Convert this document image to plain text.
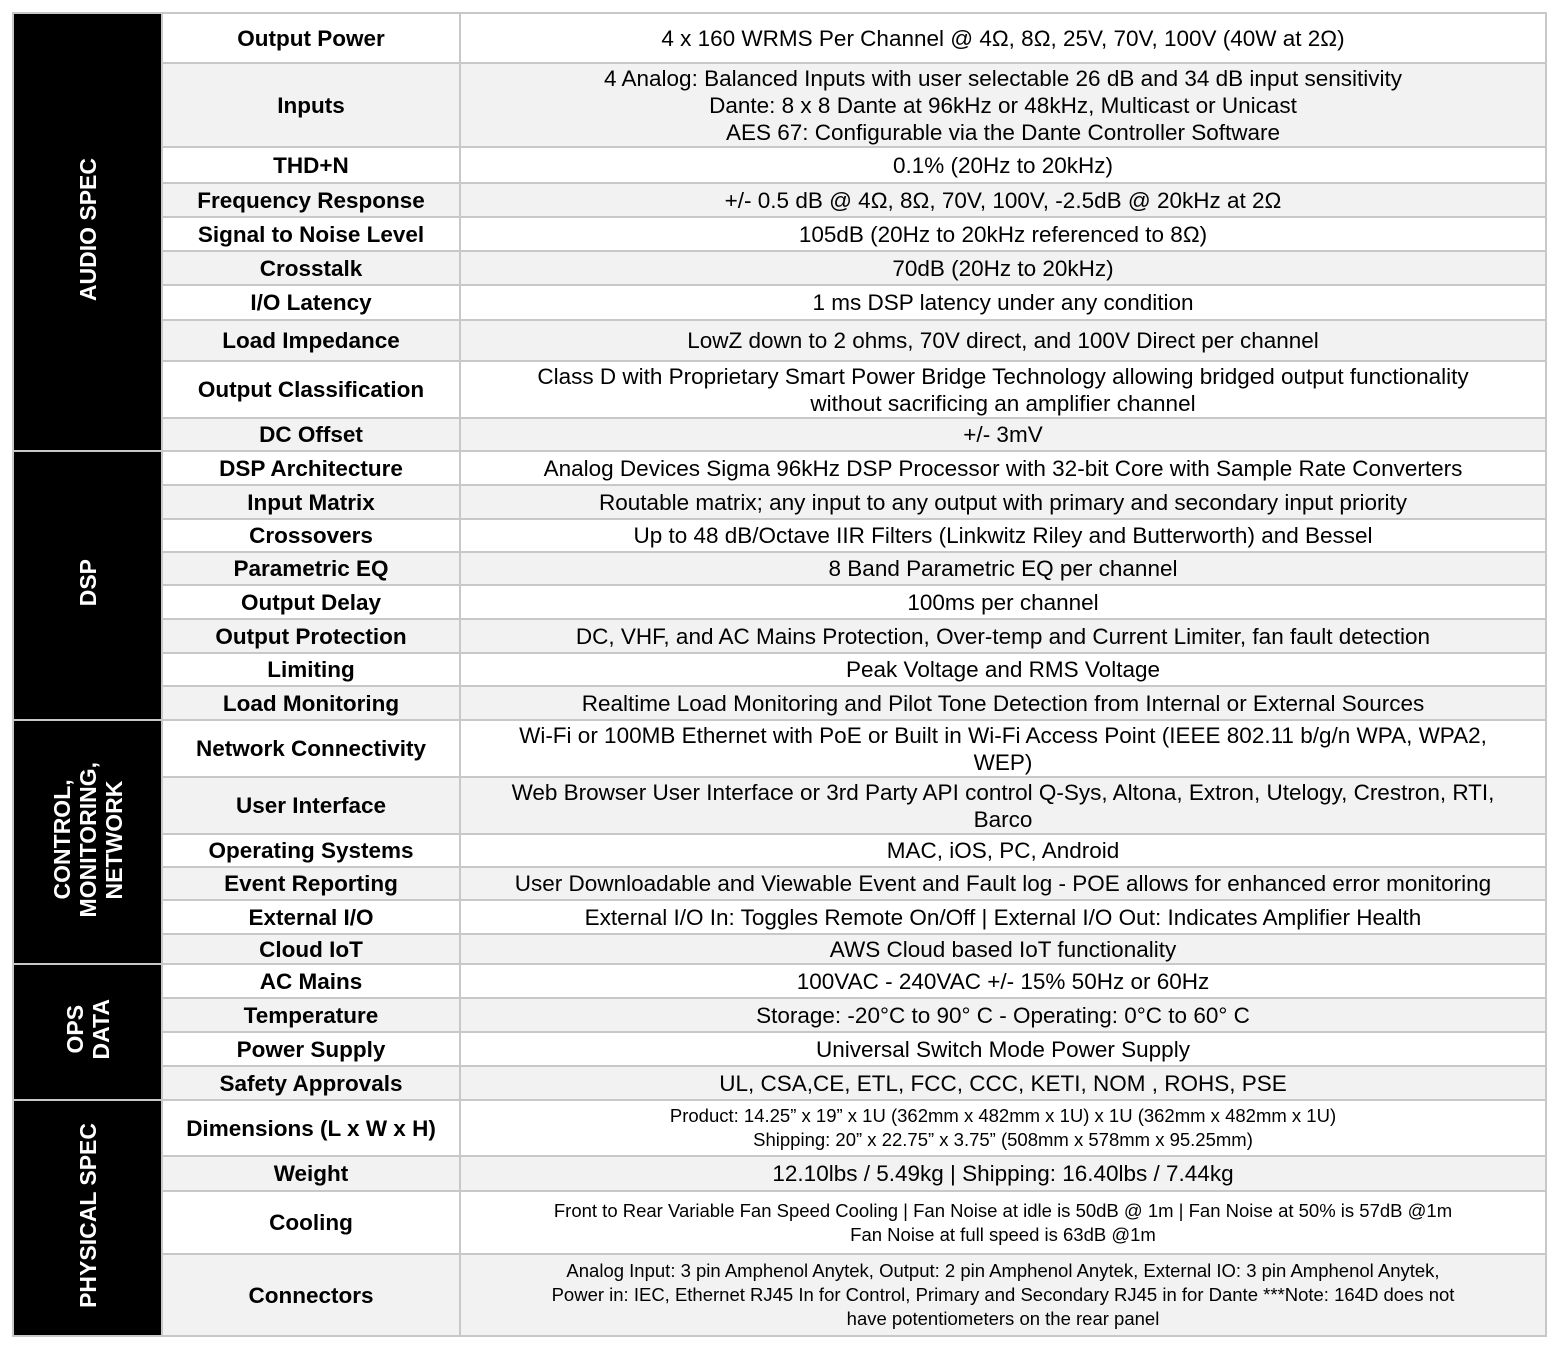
AUDIO SPEC	Output Power	4 x 160 WRMS Per Channel @ 4Ω, 8Ω, 25V, 70V, 100V (40W at 2Ω)
	Inputs	4 Analog: Balanced Inputs with user selectable 26 dB and 34 dB input sensitivity
Dante: 8 x 8 Dante at 96kHz or 48kHz, Multicast or Unicast
AES 67: Configurable via the Dante Controller Software
	THD+N	0.1% (20Hz to 20kHz)
	Frequency Response	+/- 0.5 dB @ 4Ω, 8Ω, 70V, 100V, -2.5dB @ 20kHz at 2Ω
	Signal to Noise Level	105dB (20Hz to 20kHz referenced to 8Ω)
	Crosstalk	70dB (20Hz to 20kHz)
	I/O Latency	1 ms DSP latency under any condition
	Load Impedance	LowZ down to 2 ohms, 70V direct, and 100V Direct per channel
	Output Classification	Class D with Proprietary Smart Power Bridge Technology allowing bridged output functionality
without sacrificing an amplifier channel
	DC Offset	+/- 3mV
DSP	DSP Architecture	Analog Devices Sigma 96kHz DSP Processor with 32-bit Core with Sample Rate Converters
	Input Matrix	Routable matrix; any input to any output with primary and secondary input priority
	Crossovers	Up to 48 dB/Octave IIR Filters (Linkwitz Riley and Butterworth) and Bessel
	Parametric EQ	8 Band Parametric EQ per channel
	Output Delay	100ms per channel
	Output Protection	DC, VHF, and AC Mains Protection, Over-temp and Current Limiter, fan fault detection
	Limiting	Peak Voltage and RMS Voltage
	Load Monitoring	Realtime Load Monitoring and Pilot Tone Detection from Internal or External Sources
CONTROL,
MONITORING,
NETWORK	Network Connectivity	Wi-Fi or 100MB Ethernet with PoE or Built in Wi-Fi Access Point (IEEE 802.11 b/g/n WPA, WPA2,
WEP)
	User Interface	Web Browser User Interface or 3rd Party API control Q-Sys, Altona, Extron, Utelogy, Crestron, RTI,
Barco
	Operating Systems	MAC, iOS, PC, Android
	Event Reporting	User Downloadable and Viewable Event and Fault log - POE allows for enhanced error monitoring
	External I/O	External I/O In: Toggles Remote On/Off | External I/O Out: Indicates Amplifier Health
	Cloud IoT	AWS Cloud based IoT functionality
OPS
DATA	AC Mains	100VAC - 240VAC +/- 15% 50Hz or 60Hz
	Temperature	Storage: -20°C to 90° C - Operating: 0°C to 60° C
	Power Supply	Universal Switch Mode Power Supply
	Safety Approvals	UL, CSA,CE, ETL, FCC, CCC, KETI, NOM , ROHS, PSE
PHYSICAL SPEC	Dimensions (L x W x H)	Product: 14.25” x 19” x 1U (362mm x 482mm x 1U) x 1U (362mm x 482mm x 1U)
Shipping: 20” x 22.75” x 3.75” (508mm x 578mm x 95.25mm)
	Weight	12.10lbs / 5.49kg | Shipping: 16.40lbs / 7.44kg
	Cooling	Front to Rear Variable Fan Speed Cooling | Fan Noise at idle is 50dB @ 1m | Fan Noise at 50% is 57dB @1m
Fan Noise at full speed is 63dB @1m
	Connectors	Analog Input: 3 pin Amphenol Anytek, Output: 2 pin Amphenol Anytek, External IO: 3 pin Amphenol Anytek,
Power in: IEC, Ethernet RJ45 In for Control, Primary and Secondary RJ45 in for Dante ***Note: 164D does not
have potentiometers on the rear panel
